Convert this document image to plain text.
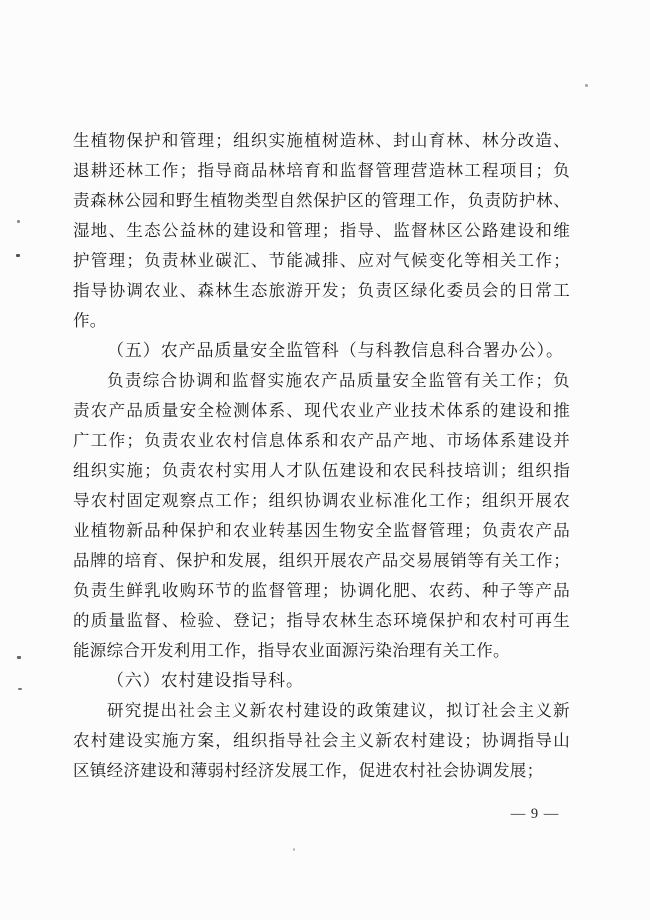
生植物保护和管理；组织实施植树造林、封山育林、林分改造、
退耕还林工作；指导商品林培育和监督管理营造林工程项目；负
责森林公园和野生植物类型自然保护区的管理工作，负责防护林、
湿地、生态公益林的建设和管理；指导、监督林区公路建设和维
护管理；负责林业碳汇、节能减排、应对气候变化等相关工作；
指导协调农业、森林生态旅游开发；负责区绿化委员会的日常工
作。
（五）农产品质量安全监管科（与科教信息科合署办公）。
负责综合协调和监督实施农产品质量安全监管有关工作；负
责农产品质量安全检测体系、现代农业产业技术体系的建设和推
广工作；负责农业农村信息体系和农产品产地、市场体系建设并
组织实施；负责农村实用人才队伍建设和农民科技培训；组织指
导农村固定观察点工作；组织协调农业标准化工作；组织开展农
业植物新品种保护和农业转基因生物安全监督管理；负责农产品
品牌的培育、保护和发展，组织开展农产品交易展销等有关工作；
负责生鲜乳收购环节的监督管理；协调化肥、农药、种子等产品
的质量监督、检验、登记；指导农林生态环境保护和农村可再生
能源综合开发利用工作，指导农业面源污染治理有关工作。
（六）农村建设指导科。
研究提出社会主义新农村建设的政策建议，拟订社会主义新
农村建设实施方案，组织指导社会主义新农村建设；协调指导山
区镇经济建设和薄弱村经济发展工作，促进农村社会协调发展；
— 9 —
